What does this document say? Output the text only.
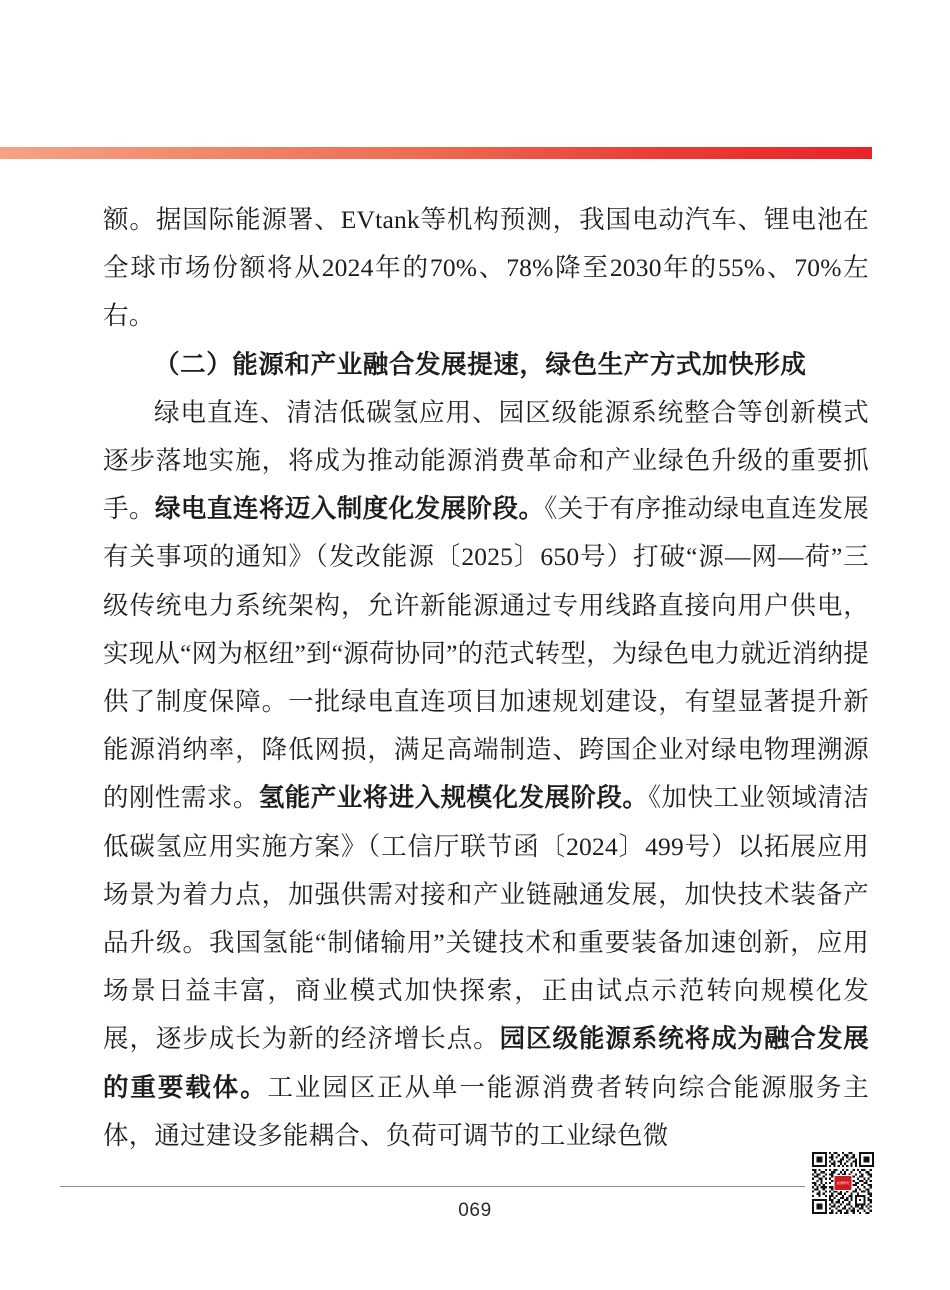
额。据国际能源署、EVtank等机构预测，我国电动汽车、锂电池在全球市场份额将从2024年的70%、78%降至2030年的55%、70%左右。

（二）能源和产业融合发展提速，绿色生产方式加快形成

绿电直连、清洁低碳氢应用、园区级能源系统整合等创新模式逐步落地实施，将成为推动能源消费革命和产业绿色升级的重要抓手。绿电直连将迈入制度化发展阶段。《关于有序推动绿电直连发展有关事项的通知》（发改能源〔2025〕650号）打破“源—网—荷”三级传统电力系统架构，允许新能源通过专用线路直接向用户供电，实现从“网为枢纽”到“源荷协同”的范式转型，为绿色电力就近消纳提供了制度保障。一批绿电直连项目加速规划建设，有望显著提升新能源消纳率，降低网损，满足高端制造、跨国企业对绿电物理溯源的刚性需求。氢能产业将进入规模化发展阶段。《加快工业领域清洁低碳氢应用实施方案》（工信厅联节函〔2024〕499号）以拓展应用场景为着力点，加强供需对接和产业链融通发展，加快技术装备产品升级。我国氢能“制储输用”关键技术和重要装备加速创新，应用场景日益丰富，商业模式加快探索，正由试点示范转向规模化发展，逐步成长为新的经济增长点。园区级能源系统将成为融合发展的重要载体。工业园区正从单一能源消费者转向综合能源服务主体，通过建设多能耦合、负荷可调节的工业绿色微

069
能源研究
